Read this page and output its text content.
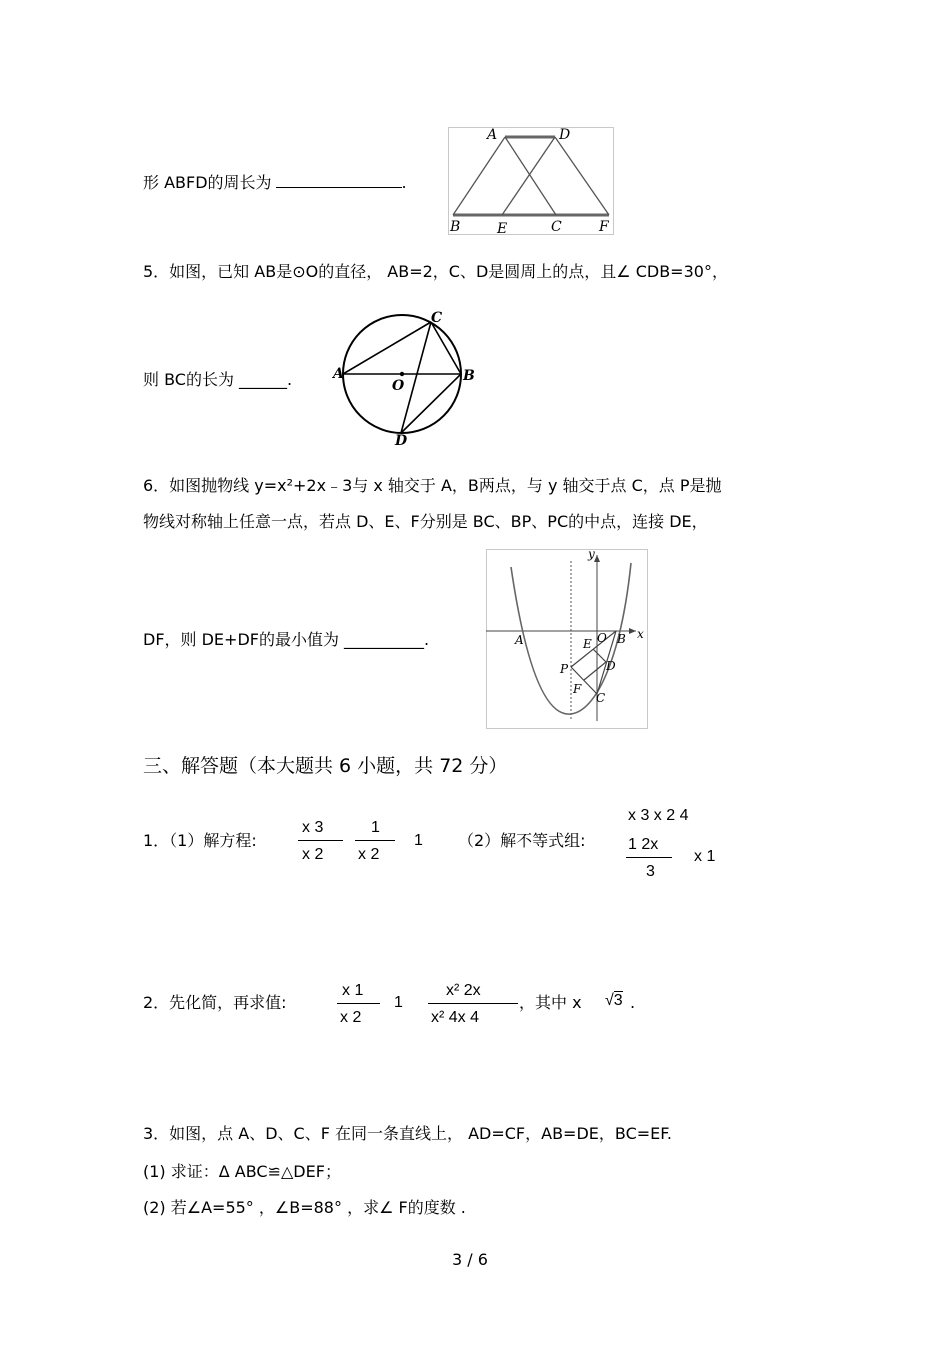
形 ABFD的周长为	.
A	D
B	E	C	F
5．如图，已知 AB是⊙O的直径， AB=2，C、D是圆周上的点，且∠ CDB=30°，
A	B
C
D
O
则 BC的长为 ______.
6．如图抛物线 y=x²+2x﹣3与 x 轴交于 A，B两点，与 y 轴交于点 C，点 P是抛
物线对称轴上任意一点，若点 D、E、F分别是 BC、BP、PC的中点，连接 DE，
x
y
A	B
O
E
D
P
F
C
DF，则 DE+DF的最小值为 __________.
三、解答题（本大题共 6 小题，共 72 分）
1．（1）解方程:
x 3
x 2
1
x 2
1 （2）解不等式组:
x 3 x 2 4
1 2x
3
x 1
2．先化简，再求值:
x 1
x 2
1
x² 2x
x² 4x 4
，其中 x √3 .
3．如图，点 A、D、C、F 在同一条直线上， AD=CF，AB=DE，BC=EF.
(1) 求证：Δ ABC≌△DEF；
(2) 若∠A=55° ，∠B=88° ，求∠ F的度数 .
3 / 6
